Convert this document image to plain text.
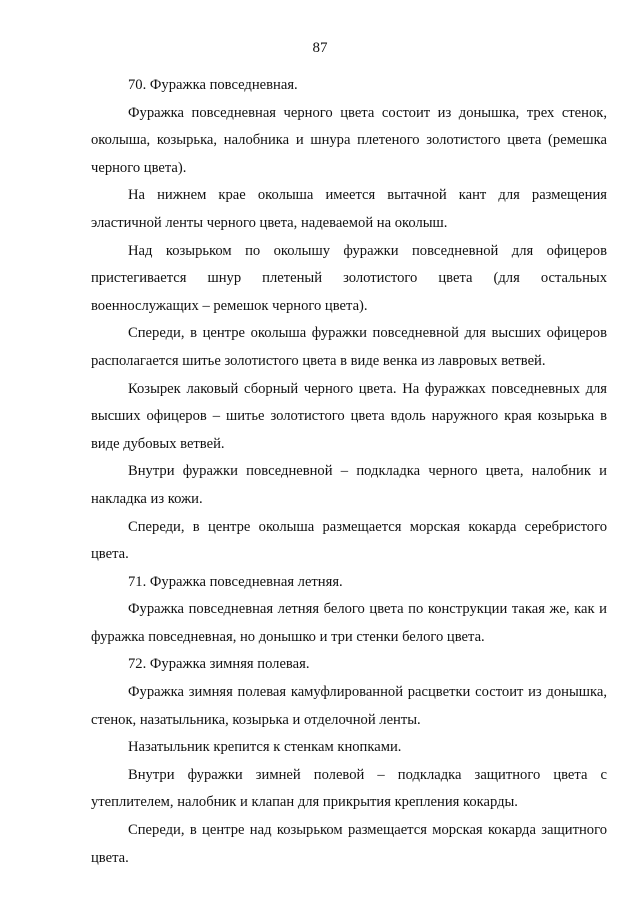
87

70. Фуражка повседневная.

Фуражка повседневная черного цвета состоит из донышка, трех стенок, околыша, козырька, налобника и шнура плетеного золотистого цвета (ремешка черного цвета).

На нижнем крае околыша имеется вытачной кант для размещения эластичной ленты черного цвета, надеваемой на околыш.

Над козырьком по околышу фуражки повседневной для офицеров пристегивается шнур плетеный золотистого цвета (для остальных военнослужащих – ремешок черного цвета).

Спереди, в центре околыша фуражки повседневной для высших офицеров располагается шитье золотистого цвета в виде венка из лавровых ветвей.

Козырек лаковый сборный черного цвета. На фуражках повседневных для высших офицеров – шитье золотистого цвета вдоль наружного края козырька в виде дубовых ветвей.

Внутри фуражки повседневной – подкладка черного цвета, налобник и накладка из кожи.

Спереди, в центре околыша размещается морская кокарда серебристого цвета.

71. Фуражка повседневная летняя.

Фуражка повседневная летняя белого цвета по конструкции такая же, как и фуражка повседневная, но донышко и три стенки белого цвета.

72. Фуражка зимняя полевая.

Фуражка зимняя полевая камуфлированной расцветки состоит из донышка, стенок, назатыльника, козырька и отделочной ленты.

Назатыльник крепится к стенкам кнопками.

Внутри фуражки зимней полевой – подкладка защитного цвета с утеплителем, налобник и клапан для прикрытия крепления кокарды.

Спереди, в центре над козырьком размещается морская кокарда защитного цвета.
